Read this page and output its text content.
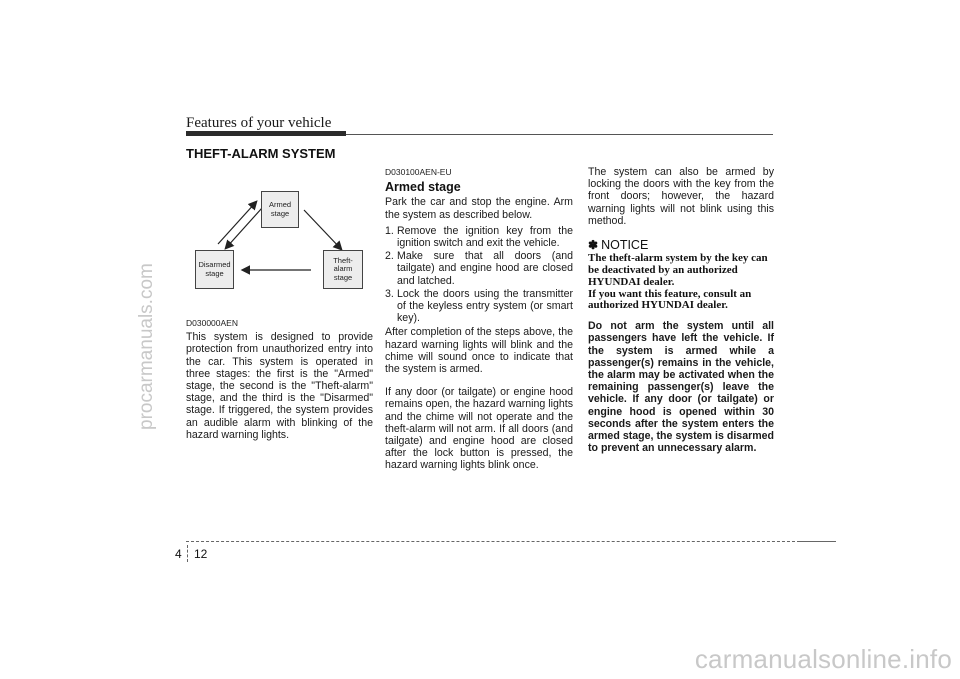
procarmanuals.com
carmanualsonline.info
Features of your vehicle
THEFT-ALARM SYSTEM
Armed
stage
Disarmed
stage
Theft-alarm
stage
D030000AEN

This system is designed to provide protection from unauthorized entry into the car. This system is operated in three stages: the first is the "Armed" stage, the second is the "Theft-alarm" stage, and the third is the "Disarmed" stage. If triggered, the system provides an audible alarm with blinking of the hazard warning lights.

D030100AEN-EU
Armed stage

Park the car and stop the engine. Arm the system as described below.

1. Remove the ignition key from the ignition switch and exit the vehicle.
2. Make sure that all doors (and tailgate) and engine hood are closed and latched.
3. Lock the doors using the transmitter of the keyless entry system (or smart key).

After completion of the steps above, the hazard warning lights will blink and the chime will sound once to indicate that the system is armed.

If any door (or tailgate) or engine hood remains open, the hazard warning lights and the chime will not operate and the theft-alarm will not arm. If all doors (and tailgate) and engine hood are closed after the lock button is pressed, the hazard warning lights blink once.

The system can also be armed by locking the doors with the key from the front doors; however, the hazard warning lights will not blink using this method.

✽ NOTICE

The theft-alarm system by the key can be deactivated by an authorized HYUNDAI dealer.

If you want this feature, consult an authorized HYUNDAI dealer.

Do not arm the system until all passengers have left the vehicle. If the system is armed while a passenger(s) remains in the vehicle, the alarm may be activated when the remaining passenger(s) leave the vehicle. If any door (or tailgate) or engine hood is opened within 30 seconds after the system enters the armed stage, the system is disarmed to prevent an unnecessary alarm.

4 12
